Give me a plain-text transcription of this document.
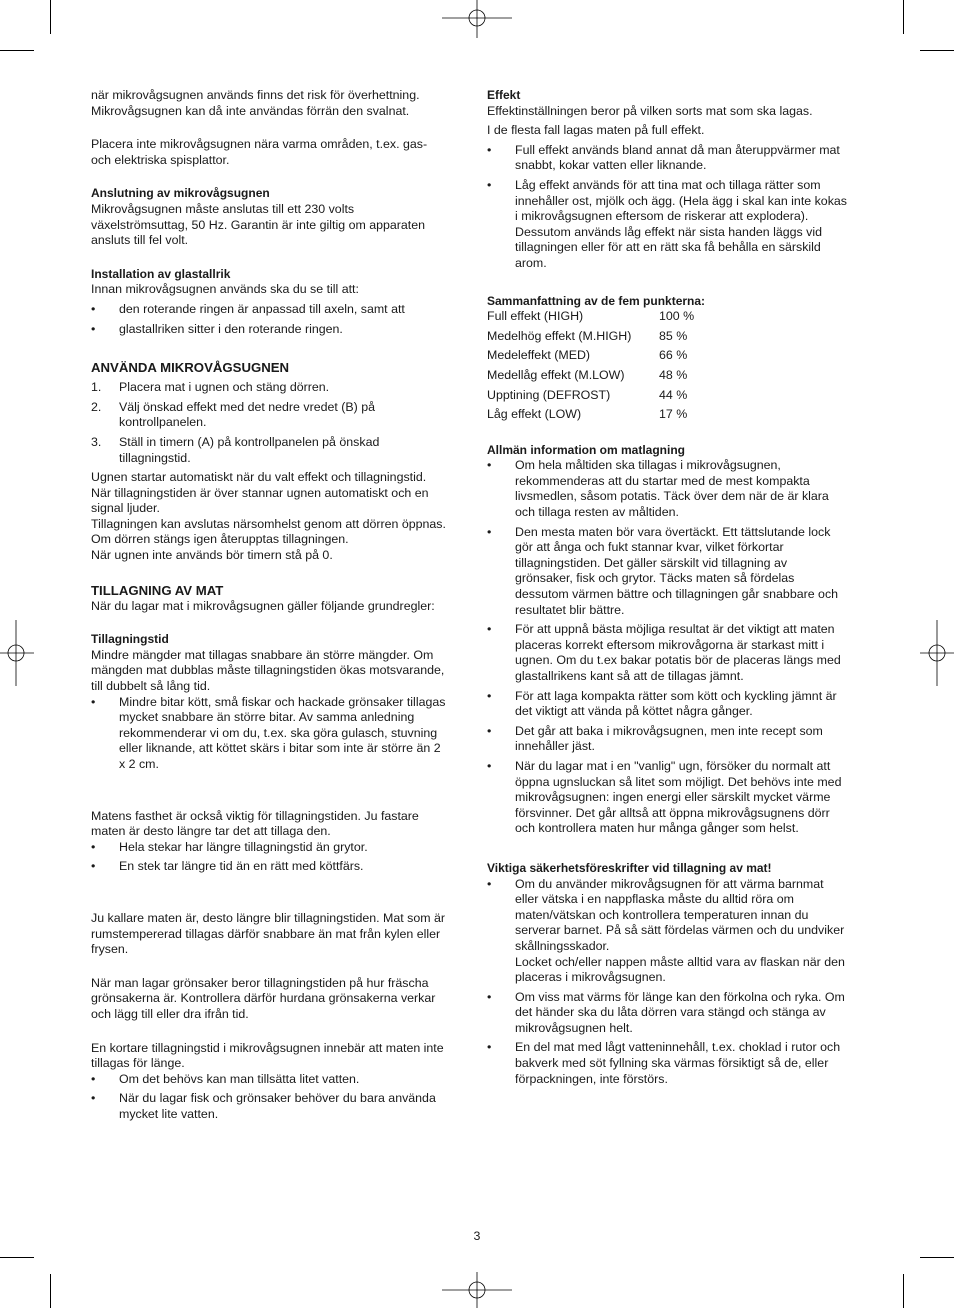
när mikrovågsugnen används finns det risk för överhettning.
Mikrovågsugnen kan då inte användas förrän den svalnat.

Placera inte mikrovågsugnen nära varma områden, t.ex. gas-
och elektriska spisplattor.

Anslutning av mikrovågsugnen

Mikrovågsugnen måste anslutas till ett 230 volts
växelströmsuttag, 50 Hz. Garantin är inte giltig om apparaten
ansluts till fel volt.

Installation av glastallrik

Innan mikrovågsugnen används ska du se till att:

• den roterande ringen är anpassad till axeln, samt att
• glastallriken sitter i den roterande ringen.

ANVÄNDA MIKROVÅGSUGNEN

1. Placera mat i ugnen och stäng dörren.
2. Välj önskad effekt med det nedre vredet (B) på
kontrollpanelen.
3. Ställ in timern (A) på kontrollpanelen på önskad
tillagningstid.

Ugnen startar automatiskt när du valt effekt och tillagningstid.
När tillagningstiden är över stannar ugnen automatiskt och en
signal ljuder.
Tillagningen kan avslutas närsomhelst genom att dörren öppnas.
Om dörren stängs igen återupptas tillagningen.
När ugnen inte används bör timern stå på 0.

TILLAGNING AV MAT

När du lagar mat i mikrovågsugnen gäller följande grundregler:

Tillagningstid

Mindre mängder mat tillagas snabbare än större mängder. Om
mängden mat dubblas måste tillagningstiden ökas motsvarande,
till dubbelt så lång tid.

• Mindre bitar kött, små fiskar och hackade grönsaker tillagas
mycket snabbare än större bitar. Av samma anledning
rekommenderar vi om du, t.ex. ska göra gulasch, stuvning
eller liknande, att köttet skärs i bitar som inte är större än 2
x 2 cm.

Matens fasthet är också viktig för tillagningstiden. Ju fastare
maten är desto längre tar det att tillaga den.

• Hela stekar har längre tillagningstid än grytor.
• En stek tar längre tid än en rätt med köttfärs.

Ju kallare maten är, desto längre blir tillagningstiden. Mat som är
rumstempererad tillagas därför snabbare än mat från kylen eller
frysen.

När man lagar grönsaker beror tillagningstiden på hur fräscha
grönsakerna är. Kontrollera därför hurdana grönsakerna verkar
och lägg till eller dra ifrån tid.

En kortare tillagningstid i mikrovågsugnen innebär att maten inte
tillagas för länge.

• Om det behövs kan man tillsätta litet vatten.
• När du lagar fisk och grönsaker behöver du bara använda
mycket lite vatten.

Effekt

Effektinställningen beror på vilken sorts mat som ska lagas.

I de flesta fall lagas maten på full effekt.

• Full effekt används bland annat då man återuppvärmer mat
snabbt, kokar vatten eller liknande.
• Låg effekt används för att tina mat och tillaga rätter som
innehåller ost, mjölk och ägg. (Hela ägg i skal kan inte kokas
i mikrovågsugnen eftersom de riskerar att explodera).
Dessutom används låg effekt när sista handen läggs vid
tillagningen eller för att en rätt ska få behålla en särskild
arom.

Sammanfattning av de fem punkterna:

Full effekt (HIGH)	100 %
Medelhög effekt (M.HIGH)	85 %
Medeleffekt (MED)	66 %
Medellåg effekt (M.LOW)	48 %
Upptining (DEFROST)	44 %
Låg effekt (LOW)	17 %

Allmän information om matlagning

• Om hela måltiden ska tillagas i mikrovågsugnen,
rekommenderas att du startar med de mest kompakta
livsmedlen, såsom potatis. Täck över dem när de är klara
och tillaga resten av måltiden.
• Den mesta maten bör vara övertäckt. Ett tättslutande lock
gör att ånga och fukt stannar kvar, vilket förkortar
tillagningstiden. Det gäller särskilt vid tillagning av
grönsaker, fisk och grytor. Täcks maten så fördelas
dessutom värmen bättre och tillagningen går snabbare och
resultatet blir bättre.
• För att uppnå bästa möjliga resultat är det viktigt att maten
placeras korrekt eftersom mikrovågorna är starkast mitt i
ugnen. Om du t.ex bakar potatis bör de placeras längs med
glastallrikens kant så att de tillagas jämnt.
• För att laga kompakta rätter som kött och kyckling jämnt är
det viktigt att vända på köttet några gånger.
• Det går att baka i mikrovågsugnen, men inte recept som
innehåller jäst.
• När du lagar mat i en "vanlig" ugn, försöker du normalt att
öppna ugnsluckan så litet som möjligt. Det behövs inte med
mikrovågsugnen: ingen energi eller särskilt mycket värme
försvinner. Det går alltså att öppna mikrovågsugnens dörr
och kontrollera maten hur många gånger som helst.

Viktiga säkerhetsföreskrifter vid tillagning av mat!

• Om du använder mikrovågsugnen för att värma barnmat
eller vätska i en nappflaska måste du alltid röra om
maten/vätskan och kontrollera temperaturen innan du
serverar barnet. På så sätt fördelas värmen och du undviker
skållningsskador.
Locket och/eller nappen måste alltid vara av flaskan när den
placeras i mikrovågsugnen.
• Om viss mat värms för länge kan den förkolna och ryka. Om
det händer ska du låta dörren vara stängd och stänga av
mikrovågsugnen helt.
• En del mat med lågt vatteninnehåll, t.ex. choklad i rutor och
bakverk med söt fyllning ska värmas försiktigt så de, eller
förpackningen, inte förstörs.
3
